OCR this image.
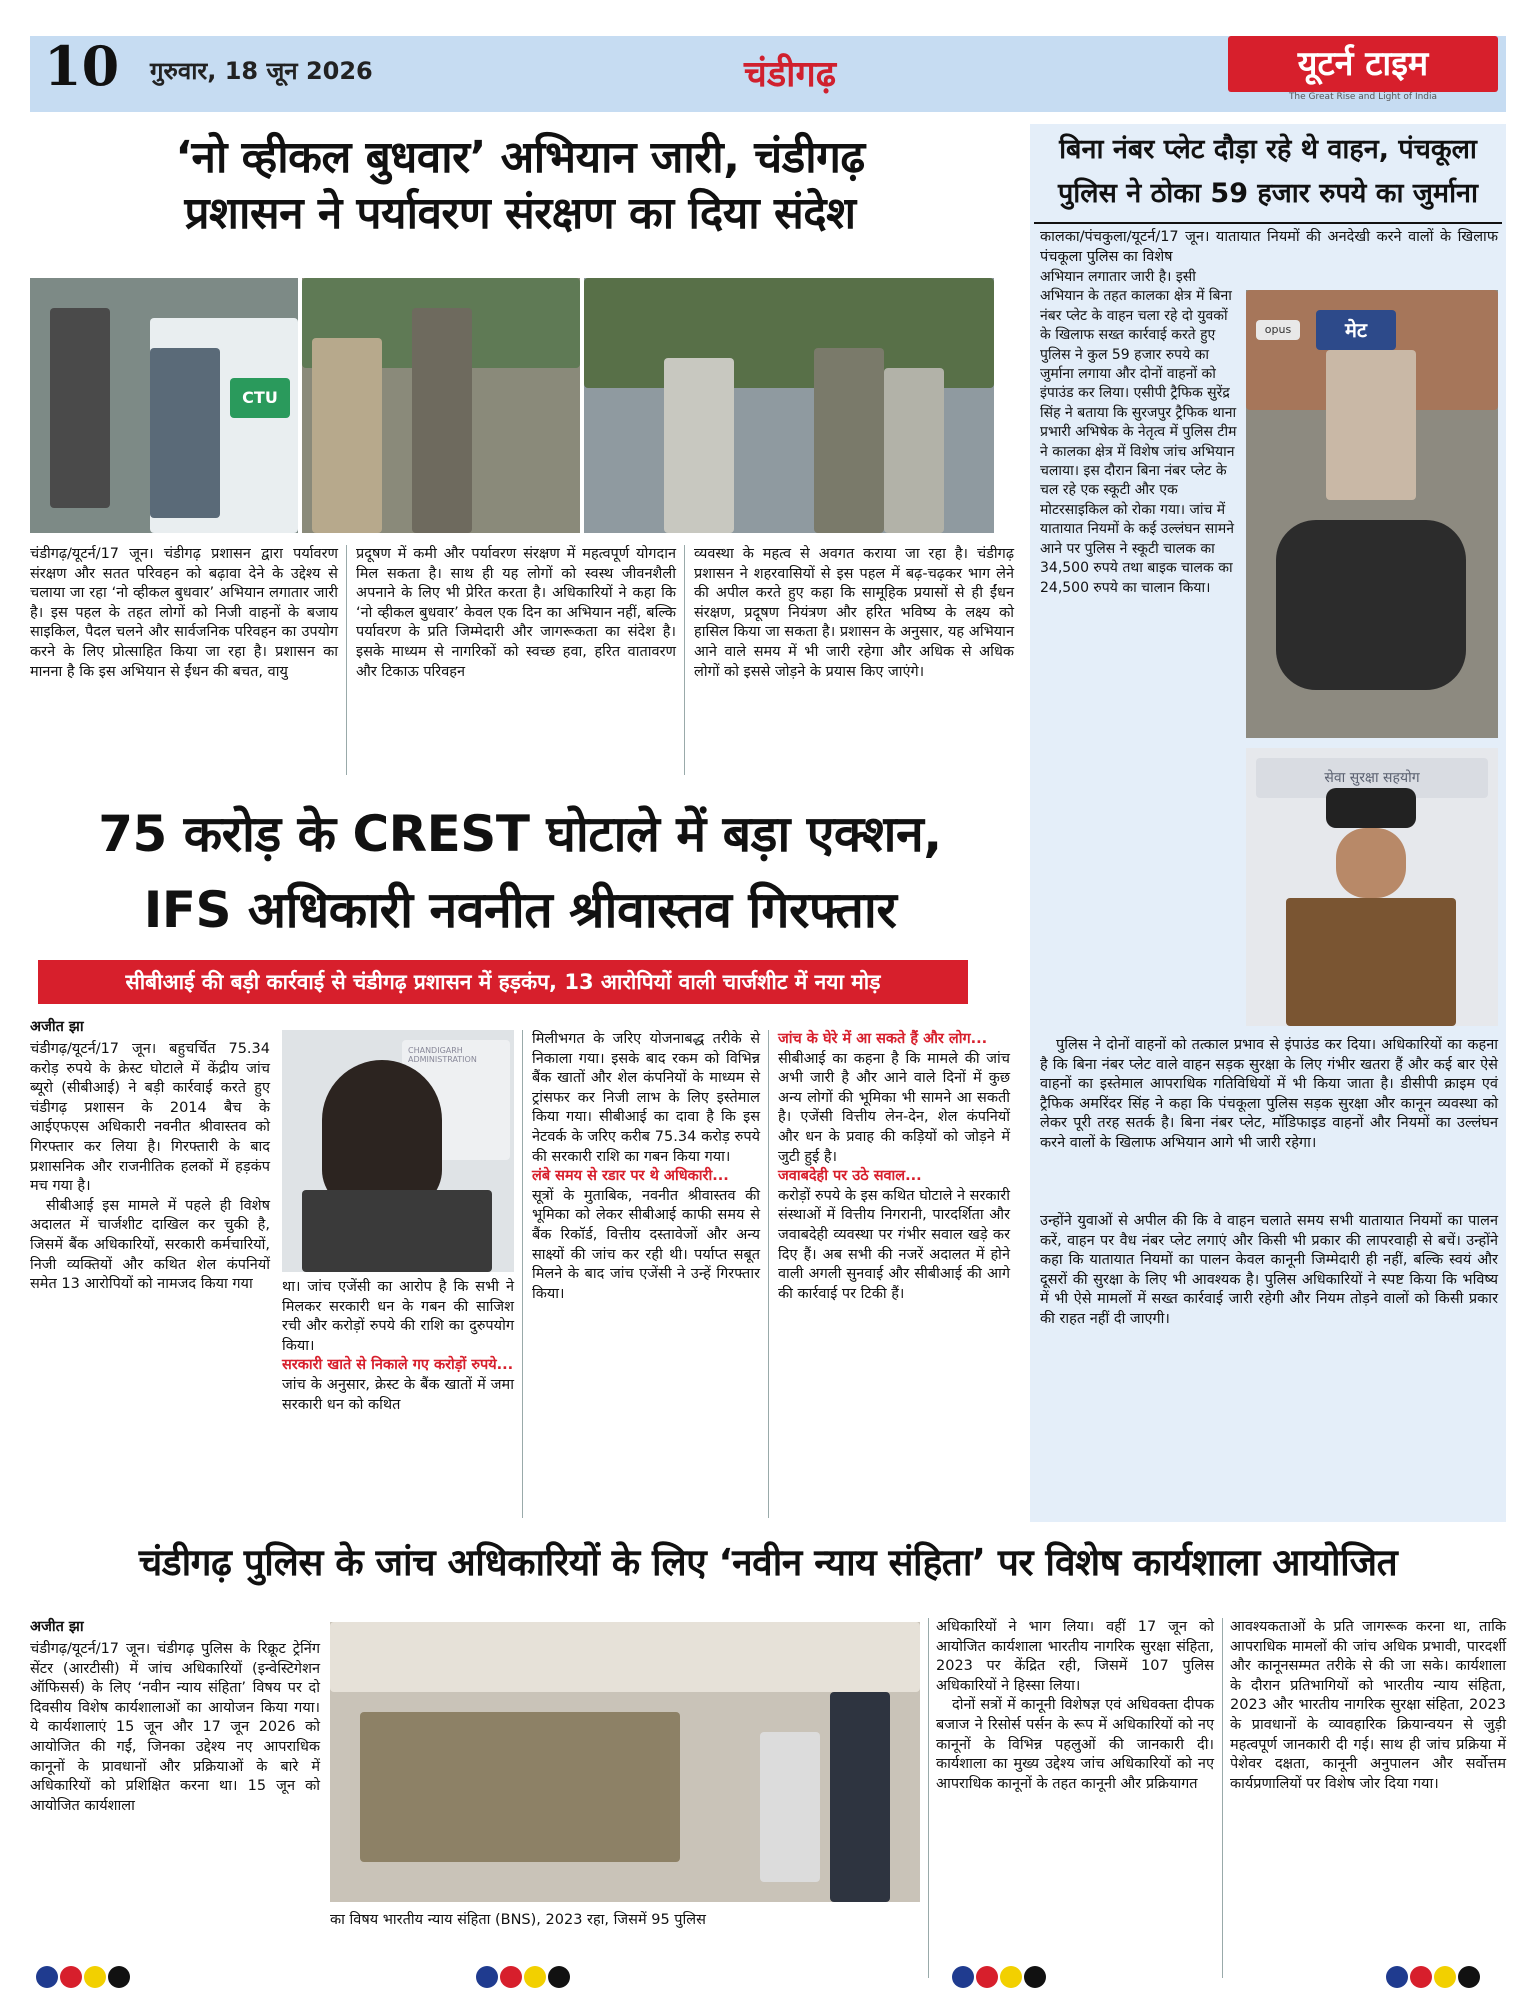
10 गुरुवार, 18 जून 2026	चंडीगढ़	यूटर्न टाइम
The Great Rise and Light of India
‘नो व्हीकल बुधवार’ अभियान जारी, चंडीगढ़
प्रशासन ने पर्यावरण संरक्षण का दिया संदेश
CTU
चंडीगढ़/यूटर्न/17 जून। चंडीगढ़ प्रशासन द्वारा पर्यावरण संरक्षण और सतत परिवहन को बढ़ावा देने के उद्देश्य से चलाया जा रहा ‘नो व्हीकल बुधवार’ अभियान लगातार जारी है। इस पहल के तहत लोगों को निजी वाहनों के बजाय साइकिल, पैदल चलने और सार्वजनिक परिवहन का उपयोग करने के लिए प्रोत्साहित किया जा रहा है। प्रशासन का मानना है कि इस अभियान से ईंधन की बचत, वायु
प्रदूषण में कमी और पर्यावरण संरक्षण में महत्वपूर्ण योगदान मिल सकता है। साथ ही यह लोगों को स्वस्थ जीवनशैली अपनाने के लिए भी प्रेरित करता है। अधिकारियों ने कहा कि ‘नो व्हीकल बुधवार’ केवल एक दिन का अभियान नहीं, बल्कि पर्यावरण के प्रति जिम्मेदारी और जागरूकता का संदेश है। इसके माध्यम से नागरिकों को स्वच्छ हवा, हरित वातावरण और टिकाऊ परिवहन
व्यवस्था के महत्व से अवगत कराया जा रहा है। चंडीगढ़ प्रशासन ने शहरवासियों से इस पहल में बढ़-चढ़कर भाग लेने की अपील करते हुए कहा कि सामूहिक प्रयासों से ही ईंधन संरक्षण, प्रदूषण नियंत्रण और हरित भविष्य के लक्ष्य को हासिल किया जा सकता है। प्रशासन के अनुसार, यह अभियान आने वाले समय में भी जारी रहेगा और अधिक से अधिक लोगों को इससे जोड़ने के प्रयास किए जाएंगे।
75 करोड़ के CREST घोटाले में बड़ा एक्शन,
IFS अधिकारी नवनीत श्रीवास्तव गिरफ्तार
सीबीआई की बड़ी कार्रवाई से चंडीगढ़ प्रशासन में हड़कंप, 13 आरोपियों वाली चार्जशीट में नया मोड़
अजीत झा
चंडीगढ़/यूटर्न/17 जून। बहुचर्चित 75.34 करोड़ रुपये के क्रेस्ट घोटाले में केंद्रीय जांच ब्यूरो (सीबीआई) ने बड़ी कार्रवाई करते हुए चंडीगढ़ प्रशासन के 2014 बैच के आईएफएस अधिकारी नवनीत श्रीवास्तव को गिरफ्तार कर लिया है। गिरफ्तारी के बाद प्रशासनिक और राजनीतिक हलकों में हड़कंप मच गया है।
सीबीआई इस मामले में पहले ही विशेष अदालत में चार्जशीट दाखिल कर चुकी है, जिसमें बैंक अधिकारियों, सरकारी कर्मचारियों, निजी व्यक्तियों और कथित शेल कंपनियों समेत 13 आरोपियों को नामजद किया गया
CHANDIGARH ADMINISTRATION
था। जांच एजेंसी का आरोप है कि सभी ने मिलकर सरकारी धन के गबन की साजिश रची और करोड़ों रुपये की राशि का दुरुपयोग किया।
सरकारी खाते से निकाले गए करोड़ों रुपये...
जांच के अनुसार, क्रेस्ट के बैंक खातों में जमा सरकारी धन को कथित
मिलीभगत के जरिए योजनाबद्ध तरीके से निकाला गया। इसके बाद रकम को विभिन्न बैंक खातों और शेल कंपनियों के माध्यम से ट्रांसफर कर निजी लाभ के लिए इस्तेमाल किया गया। सीबीआई का दावा है कि इस नेटवर्क के जरिए करीब 75.34 करोड़ रुपये की सरकारी राशि का गबन किया गया।
लंबे समय से रडार पर थे अधिकारी...
सूत्रों के मुताबिक, नवनीत श्रीवास्तव की भूमिका को लेकर सीबीआई काफी समय से बैंक रिकॉर्ड, वित्तीय दस्तावेजों और अन्य साक्ष्यों की जांच कर रही थी। पर्याप्त सबूत मिलने के बाद जांच एजेंसी ने उन्हें गिरफ्तार किया।
जांच के घेरे में आ सकते हैं और लोग...
सीबीआई का कहना है कि मामले की जांच अभी जारी है और आने वाले दिनों में कुछ अन्य लोगों की भूमिका भी सामने आ सकती है। एजेंसी वित्तीय लेन-देन, शेल कंपनियों और धन के प्रवाह की कड़ियों को जोड़ने में जुटी हुई है।
जवाबदेही पर उठे सवाल...
करोड़ों रुपये के इस कथित घोटाले ने सरकारी संस्थाओं में वित्तीय निगरानी, पारदर्शिता और जवाबदेही व्यवस्था पर गंभीर सवाल खड़े कर दिए हैं। अब सभी की नजरें अदालत में होने वाली अगली सुनवाई और सीबीआई की आगे की कार्रवाई पर टिकी हैं।
बिना नंबर प्लेट दौड़ा रहे थे वाहन, पंचकूला
पुलिस ने ठोका 59 हजार रुपये का जुर्माना
कालका/पंचकुला/यूटर्न/17 जून। यातायात नियमों की अनदेखी करने वालों के खिलाफ पंचकूला पुलिस का विशेष
अभियान लगातार जारी है। इसी अभियान के तहत कालका क्षेत्र में बिना नंबर प्लेट के वाहन चला रहे दो युवकों के खिलाफ सख्त कार्रवाई करते हुए पुलिस ने कुल 59 हजार रुपये का जुर्माना लगाया और दोनों वाहनों को इंपाउंड कर लिया। एसीपी ट्रैफिक सुरेंद्र सिंह ने बताया कि सुरजपुर ट्रैफिक थाना प्रभारी अभिषेक के नेतृत्व में पुलिस टीम ने कालका क्षेत्र में विशेष जांच अभियान चलाया। इस दौरान बिना नंबर प्लेट के चल रहे एक स्कूटी और एक मोटरसाइकिल को रोका गया। जांच में यातायात नियमों के कई उल्लंघन सामने आने पर पुलिस ने स्कूटी चालक का 34,500 रुपये तथा बाइक चालक का 24,500 रुपये का चालान किया।
मेट
opus
सेवा सुरक्षा सहयोग
पुलिस ने दोनों वाहनों को तत्काल प्रभाव से इंपाउंड कर दिया। अधिकारियों का कहना है कि बिना नंबर प्लेट वाले वाहन सड़क सुरक्षा के लिए गंभीर खतरा हैं और कई बार ऐसे वाहनों का इस्तेमाल आपराधिक गतिविधियों में भी किया जाता है। डीसीपी क्राइम एवं ट्रैफिक अमरिंदर सिंह ने कहा कि पंचकूला पुलिस सड़क सुरक्षा और कानून व्यवस्था को लेकर पूरी तरह सतर्क है। बिना नंबर प्लेट, मॉडिफाइड वाहनों और नियमों का उल्लंघन करने वालों के खिलाफ अभियान आगे भी जारी रहेगा।
उन्होंने युवाओं से अपील की कि वे वाहन चलाते समय सभी यातायात नियमों का पालन करें, वाहन पर वैध नंबर प्लेट लगाएं और किसी भी प्रकार की लापरवाही से बचें। उन्होंने कहा कि यातायात नियमों का पालन केवल कानूनी जिम्मेदारी ही नहीं, बल्कि स्वयं और दूसरों की सुरक्षा के लिए भी आवश्यक है। पुलिस अधिकारियों ने स्पष्ट किया कि भविष्य में भी ऐसे मामलों में सख्त कार्रवाई जारी रहेगी और नियम तोड़ने वालों को किसी प्रकार की राहत नहीं दी जाएगी।
चंडीगढ़ पुलिस के जांच अधिकारियों के लिए ‘नवीन न्याय संहिता’ पर विशेष कार्यशाला आयोजित
अजीत झा
चंडीगढ़/यूटर्न/17 जून। चंडीगढ़ पुलिस के रिक्रूट ट्रेनिंग सेंटर (आरटीसी) में जांच अधिकारियों (इन्वेस्टिगेशन ऑफिसर्स) के लिए ‘नवीन न्याय संहिता’ विषय पर दो दिवसीय विशेष कार्यशालाओं का आयोजन किया गया। ये कार्यशालाएं 15 जून और 17 जून 2026 को आयोजित की गईं, जिनका उद्देश्य नए आपराधिक कानूनों के प्रावधानों और प्रक्रियाओं के बारे में अधिकारियों को प्रशिक्षित करना था। 15 जून को आयोजित कार्यशाला
का विषय भारतीय न्याय संहिता (BNS), 2023 रहा, जिसमें 95 पुलिस
अधिकारियों ने भाग लिया। वहीं 17 जून को आयोजित कार्यशाला भारतीय नागरिक सुरक्षा संहिता, 2023 पर केंद्रित रही, जिसमें 107 पुलिस अधिकारियों ने हिस्सा लिया।
दोनों सत्रों में कानूनी विशेषज्ञ एवं अधिवक्ता दीपक बजाज ने रिसोर्स पर्सन के रूप में अधिकारियों को नए कानूनों के विभिन्न पहलुओं की जानकारी दी। कार्यशाला का मुख्य उद्देश्य जांच अधिकारियों को नए आपराधिक कानूनों के तहत कानूनी और प्रक्रियागत
आवश्यकताओं के प्रति जागरूक करना था, ताकि आपराधिक मामलों की जांच अधिक प्रभावी, पारदर्शी और कानूनसम्मत तरीके से की जा सके। कार्यशाला के दौरान प्रतिभागियों को भारतीय न्याय संहिता, 2023 और भारतीय नागरिक सुरक्षा संहिता, 2023 के प्रावधानों के व्यावहारिक क्रियान्वयन से जुड़ी महत्वपूर्ण जानकारी दी गई। साथ ही जांच प्रक्रिया में पेशेवर दक्षता, कानूनी अनुपालन और सर्वोत्तम कार्यप्रणालियों पर विशेष जोर दिया गया।
